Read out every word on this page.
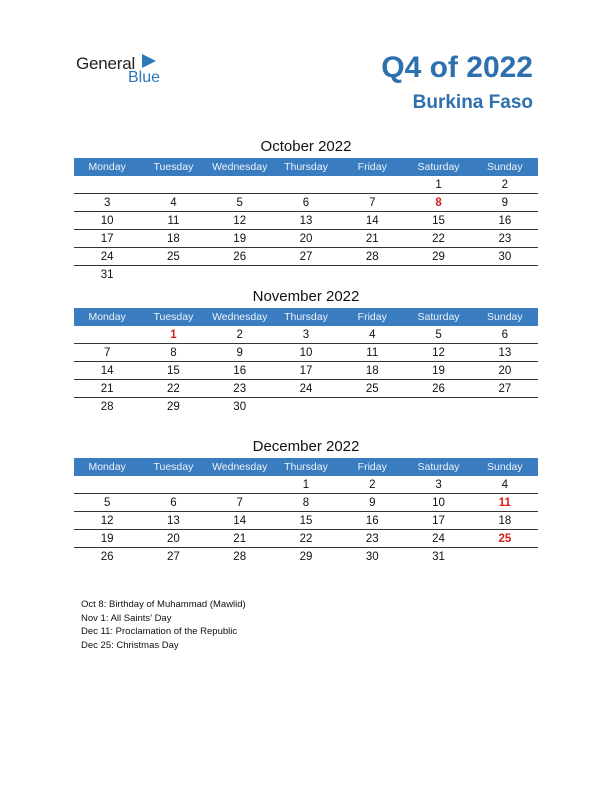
General
Blue	Q4 of 2022
Burkina Faso
October 2022
Monday	Tuesday	Wednesday	Thursday	Friday	Saturday	Sunday
					1	2
3	4	5	6	7	8	9
10	11	12	13	14	15	16
17	18	19	20	21	22	23
24	25	26	27	28	29	30
31						
November 2022
Monday	Tuesday	Wednesday	Thursday	Friday	Saturday	Sunday
	1	2	3	4	5	6
7	8	9	10	11	12	13
14	15	16	17	18	19	20
21	22	23	24	25	26	27
28	29	30				
December 2022
Monday	Tuesday	Wednesday	Thursday	Friday	Saturday	Sunday
			1	2	3	4
5	6	7	8	9	10	11
12	13	14	15	16	17	18
19	20	21	22	23	24	25
26	27	28	29	30	31	
Oct 8: Birthday of Muhammad (Mawlid)
Nov 1: All Saints’ Day
Dec 11: Proclamation of the Republic
Dec 25: Christmas Day
